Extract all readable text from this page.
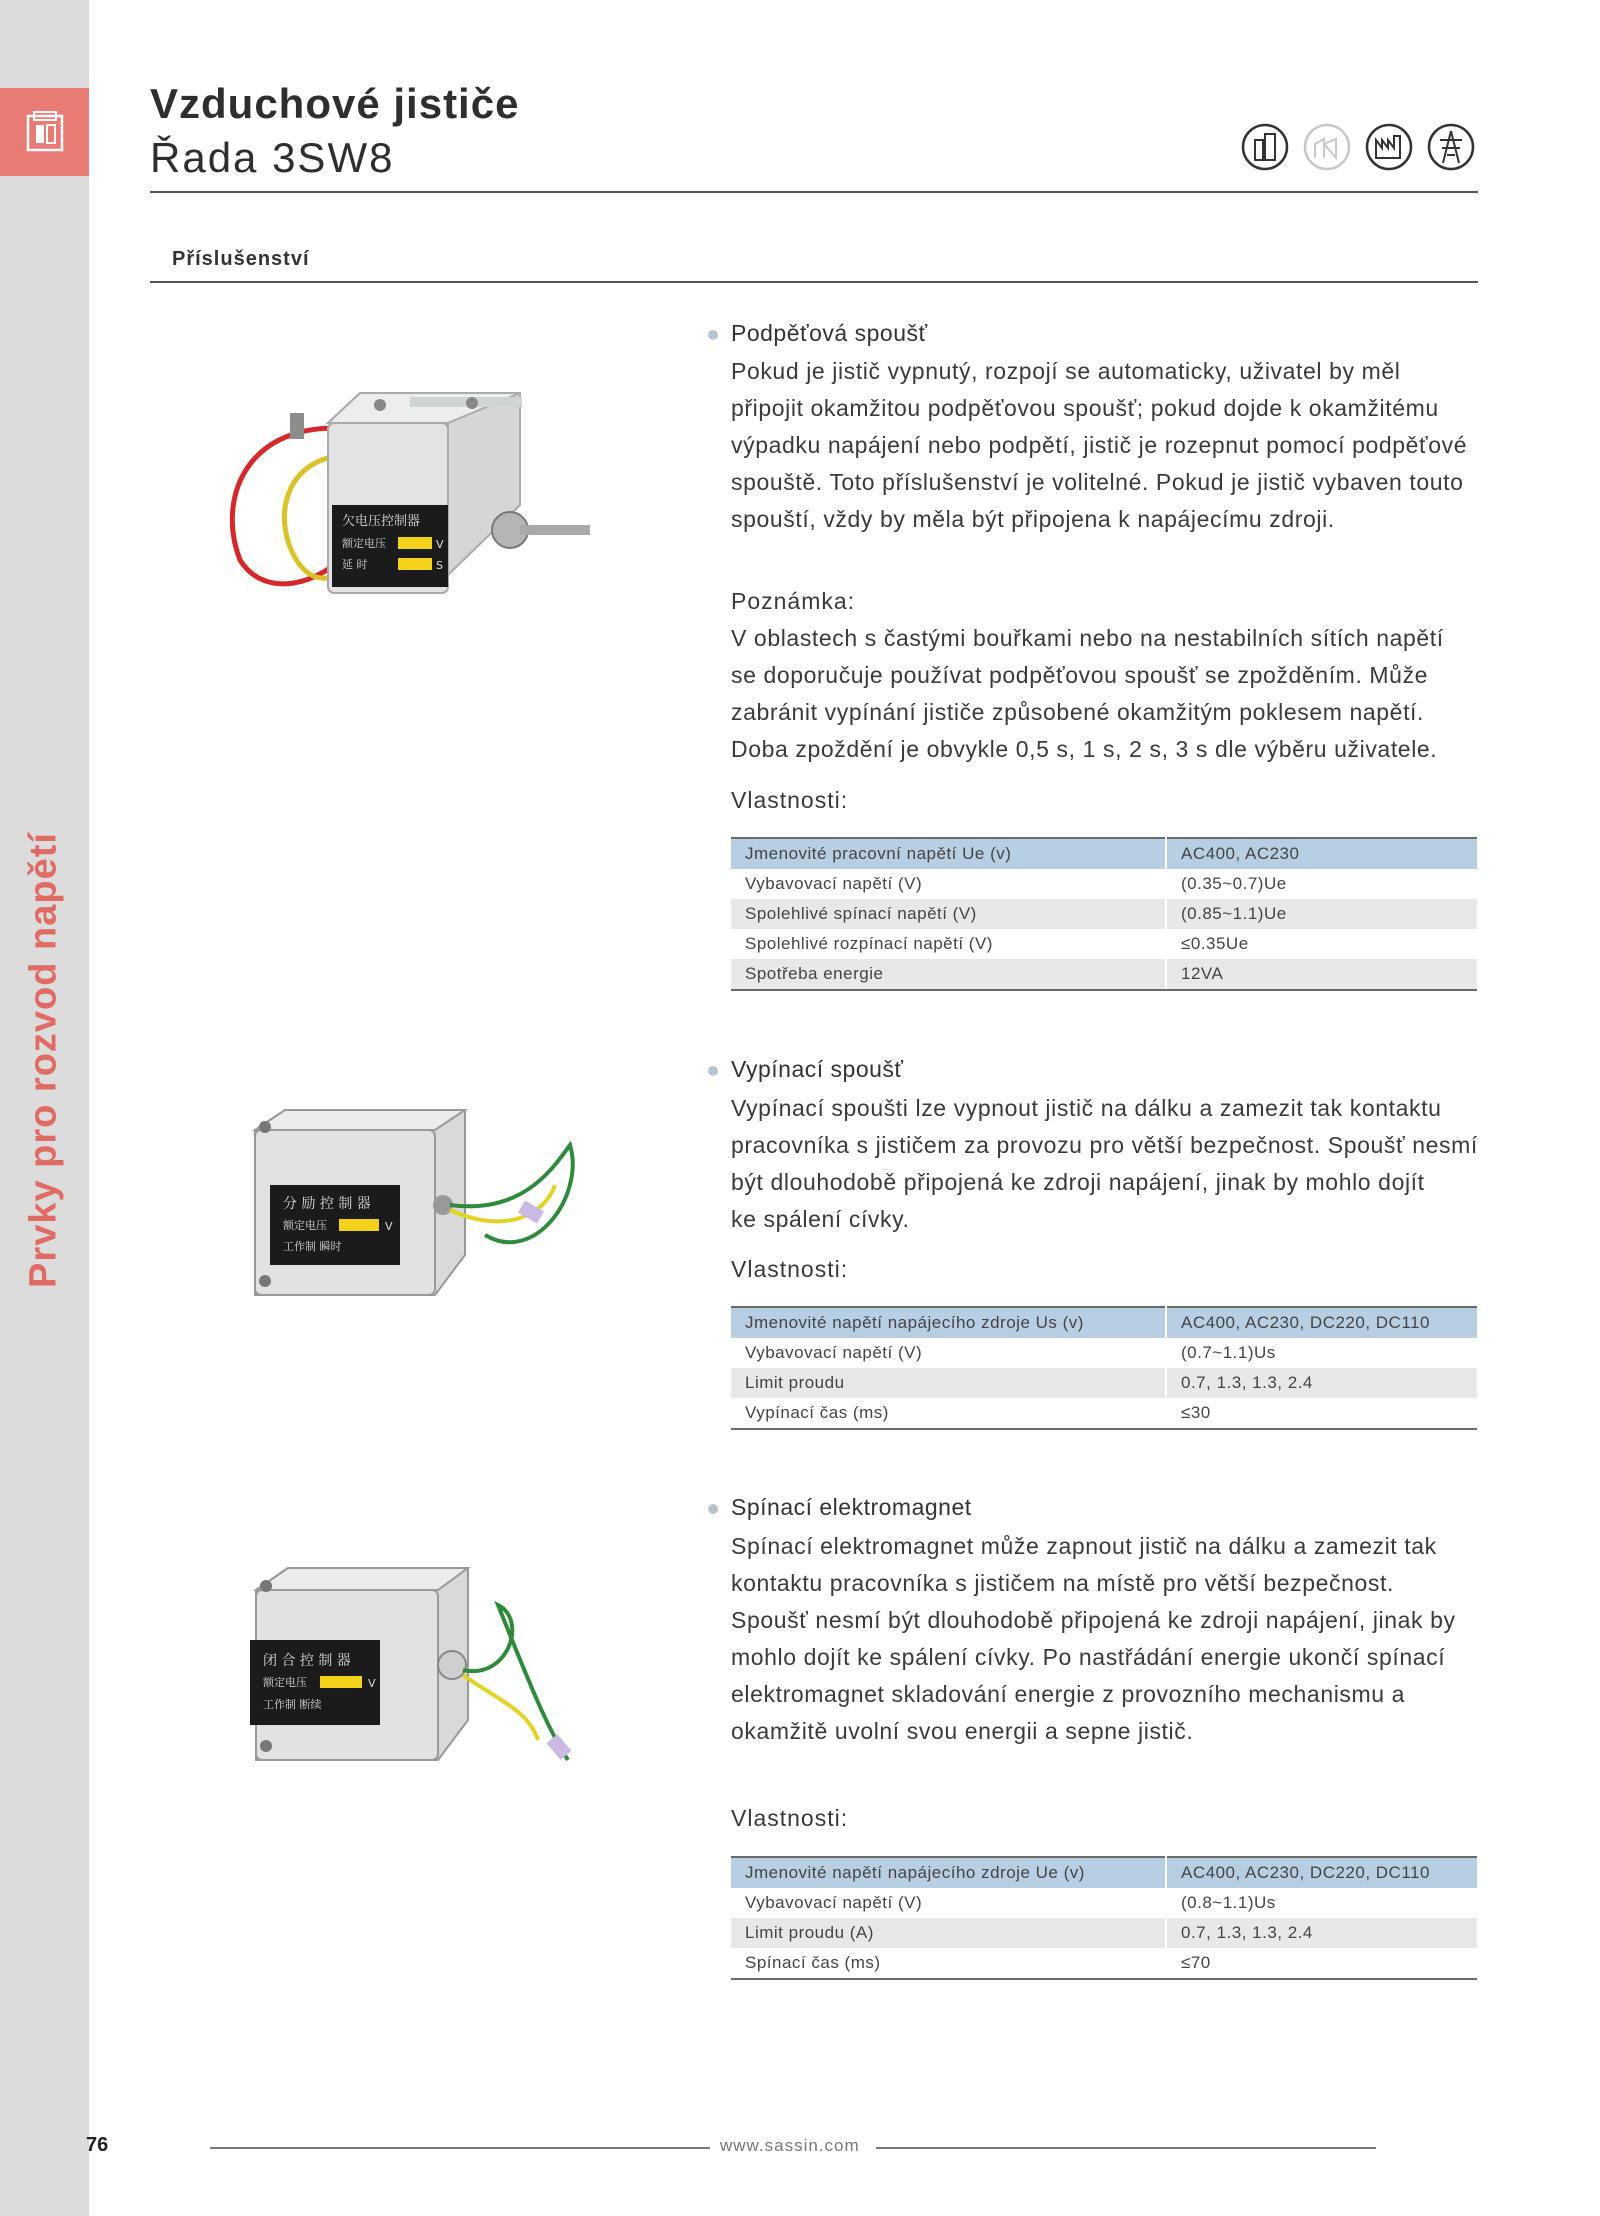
Prvky pro rozvod napětí
76
Vzduchové jističe
Řada 3SW8
Příslušenství
欠电压控制器
额定电压	V
延 时	S
Podpěťová spoušť
Pokud je jistič vypnutý, rozpojí se automaticky, uživatel by měl
připojit okamžitou podpěťovou spoušť; pokud dojde k okamžitému
výpadku napájení nebo podpětí, jistič je rozepnut pomocí podpěťové
spouště. Toto příslušenství je volitelné. Pokud je jistič vybaven touto
spouští, vždy by měla být připojena k napájecímu zdroji.
Poznámka:
V oblastech s častými bouřkami nebo na nestabilních sítích napětí
se doporučuje používat podpěťovou spoušť se zpožděním. Může
zabránit vypínání jističe způsobené okamžitým poklesem napětí.
Doba zpoždění je obvykle 0,5 s, 1 s, 2 s, 3 s dle výběru uživatele.
Vlastnosti:
Jmenovité pracovní napětí Ue (v)	AC400, AC230
Vybavovací napětí (V)	(0.35~0.7)Ue
Spolehlivé spínací napětí (V)	(0.85~1.1)Ue
Spolehlivé rozpínací napětí (V)	≤0.35Ue
Spotřeba energie	12VA
分 励 控 制 器
额定电压	V
工作制 瞬时
Vypínací spoušť
Vypínací spoušti lze vypnout jistič na dálku a zamezit tak kontaktu
pracovníka s jističem za provozu pro větší bezpečnost. Spoušť nesmí
být dlouhodobě připojená ke zdroji napájení, jinak by mohlo dojít
ke spálení cívky.
Vlastnosti:
Jmenovité napětí napájecího zdroje Us (v)	AC400, AC230, DC220, DC110
Vybavovací napětí (V)	(0.7~1.1)Us
Limit proudu	0.7, 1.3, 1.3, 2.4
Vypínací čas (ms)	≤30
闭 合 控 制 器
额定电压	V
工作制 断续
Spínací elektromagnet
Spínací elektromagnet může zapnout jistič na dálku a zamezit tak
kontaktu pracovníka s jističem na místě pro větší bezpečnost.
Spoušť nesmí být dlouhodobě připojená ke zdroji napájení, jinak by
mohlo dojít ke spálení cívky. Po nastřádání energie ukončí spínací
elektromagnet skladování energie z provozního mechanismu a
okamžitě uvolní svou energii a sepne jistič.
Vlastnosti:
Jmenovité napětí napájecího zdroje Ue (v)	AC400, AC230, DC220, DC110
Vybavovací napětí (V)	(0.8~1.1)Us
Limit proudu (A)	0.7, 1.3, 1.3, 2.4
Spínací čas (ms)	≤70
www.sassin.com
